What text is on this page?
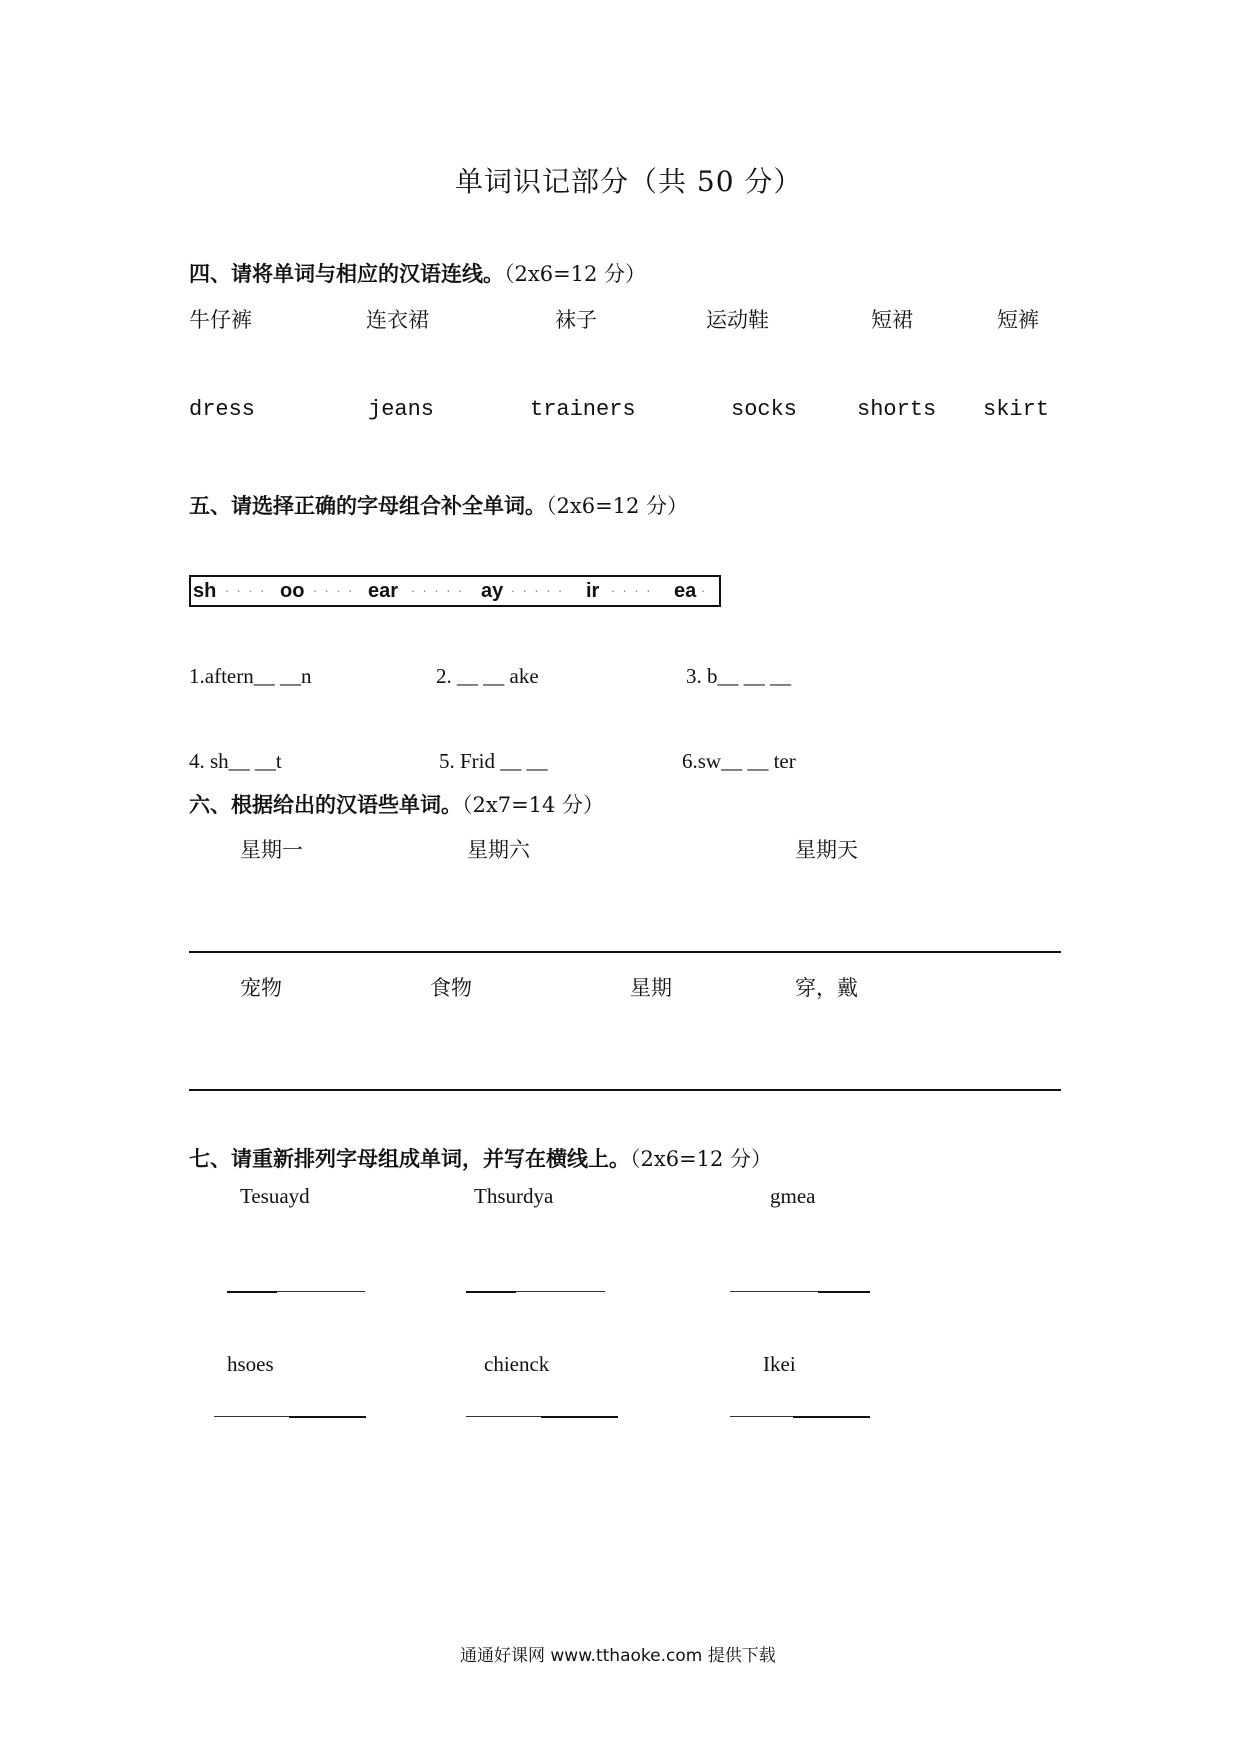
单词识记部分（共 50 分）
四、请将单词与相应的汉语连线。（2x6=12 分）
牛仔裤	连衣裙	袜子	运动鞋	短裙	短裤
dress	jeans	trainers	socks	shorts skirt
五、请选择正确的字母组合补全单词。（2x6=12 分）
sh . . . . oo . . . . ear . . . . . ay . . . . . ir . . . . ea .
1.aftern__ __n	2. __ __ ake	3. b__ __ __
4. sh__ __t	5. Frid __ __	6.sw__ __ ter
六、根据给出的汉语些单词。（2x7=14 分）
星期一	星期六	星期天
宠物	食物	星期	穿，戴
七、请重新排列字母组成单词，并写在横线上。（2x6=12 分）
Tesuayd	Thsurdya	gmea
hsoes	chienck	Ikei
通通好课网 www.tthaoke.com 提供下载
